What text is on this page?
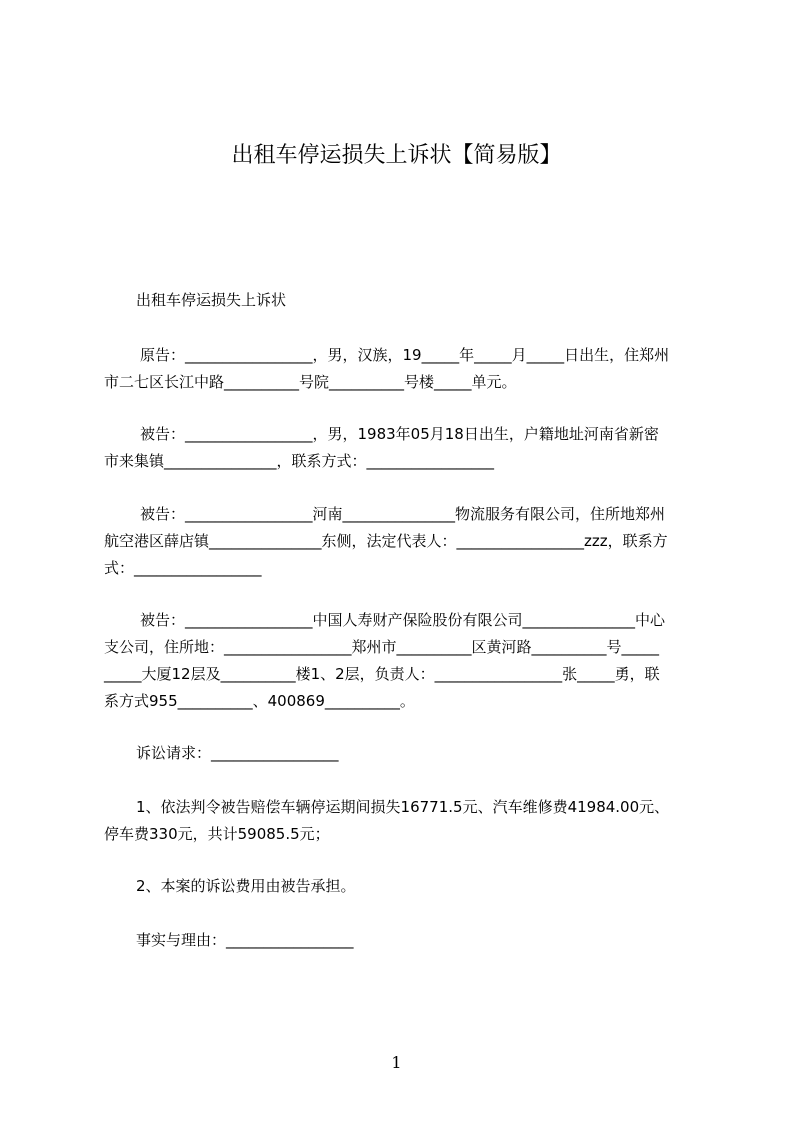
出租车停运损失上诉状【简易版】
出租车停运损失上诉状
原告：_________________，男，汉族，19_____年_____月_____日出生，住郑州
市二七区长江中路__________号院__________号楼_____单元。
被告：_________________，男，1983年05月18日出生，户籍地址河南省新密
市来集镇_______________，联系方式：_________________
被告：_________________河南_______________物流服务有限公司，住所地郑州
航空港区薛店镇_______________东侧，法定代表人：_________________zzz，联系方
式：_________________
被告：_________________中国人寿财产保险股份有限公司_______________中心
支公司，住所地：_________________郑州市__________区黄河路__________号_____
_____大厦12层及__________楼1、2层，负责人：_________________张_____勇，联
系方式955__________、400869__________。
诉讼请求：_________________
1、依法判令被告赔偿车辆停运期间损失16771.5元、汽车维修费41984.00元、
停车费330元，共计59085.5元；
2、本案的诉讼费用由被告承担。
事实与理由：_________________
1
